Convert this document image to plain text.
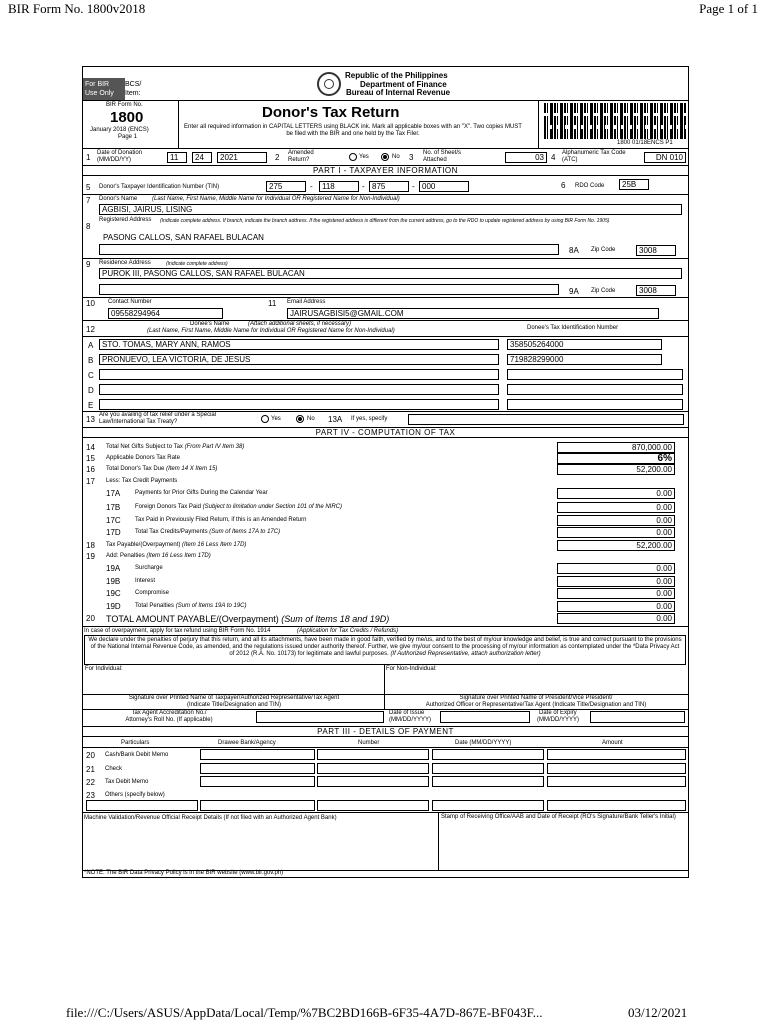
BIR Form No. 1800v2018	Page 1 of 1
file:///C:/Users/ASUS/AppData/Local/Temp/%7BC2BD166B-6F35-4A7D-867E-BF043F...	03/12/2021
For BIR
Use Only
BCS/
Item:
Republic of the Philippines
Department of Finance
Bureau of Internal Revenue
BIR Form No.
1800
January 2018 (ENCS)
Page 1
Donor's Tax Return
Enter all required information in CAPITAL LETTERS using BLACK ink. Mark all applicable boxes with an "X". Two copies MUST be filed with the BIR and one held by the Tax Filer.
1800 01/18ENCS P1
1 Date of Donation (MM/DD/YY)	11	24	2021	2 Amended Return?	Yes	No 3 No. of Sheet/s Attached	03 4 Alphanumeric Tax Code (ATC)	DN 010
PART I - TAXPAYER INFORMATION
5 Donor's Taxpayer Identification Number (TIN)	275	-	118	- 875	- 000	6 RDO Code	25B
7 Donor's Name (Last Name, First Name, Middle Name for Individual OR Registered Name for Non-Individual)
AGBISI, JAIRUS, LISING
8
Registered Address (Indicate complete address. If branch, indicate the branch address. If the registered address is different from the current address, go to the RDO to update registered address by using BIR Form No. 1905)
PASONG CALLOS, SAN RAFAEL BULACAN
8A Zip Code	3008
9 Residence Address	(Indicate complete address)
PUROK III, PASONG CALLOS, SAN RAFAEL BULACAN
9A Zip Code	3008
10 Contact Number
09558294964
11 Email Address
JAIRUSAGBISI5@GMAIL.COM
12
Donee's Name	(Attach additional sheets, if necessary)
(Last Name, First Name, Middle Name for Individual OR Registered Name for Non-Individual)	Donee's Tax Identification Number
A	STO. TOMAS, MARY ANN, RAMOS	358505264000
B	PRONUEVO, LEA VICTORIA, DE JESUS	719828299000
C
D
E
13 Are you availing of tax relief under a Special Law/International Tax Treaty?	Yes	No 13A If yes, specify
PART IV - COMPUTATION OF TAX
14 Total Net Gifts Subject to Tax (From Part IV Item 38)	870,000.00
15 Applicable Donors Tax Rate	6%
16 Total Donor's Tax Due (Item 14 X Item 15)	52,200.00
17 Less: Tax Credit Payments
17A Payments for Prior Gifts During the Calendar Year	0.00
17B Foreign Donors Tax Paid (Subject to limitation under Section 101 of the NIRC)	0.00
17C Tax Paid in Previously Filed Return, if this is an Amended Return	0.00
17D Total Tax Credits/Payments (Sum of Items 17A to 17C)	0.00
18 Tax Payable/(Overpayment) (Item 16 Less Item 17D)	52,200.00
19 Add: Penalties (Item 16 Less Item 17D)
19A Surcharge	0.00
19B Interest	0.00
19C Compromise	0.00
19D Total Penalties (Sum of Items 19A to 19C)	0.00
20 TOTAL AMOUNT PAYABLE/(Overpayment) (Sum of Items 18 and 19D)	0.00
In case of overpayment, apply for tax refund using BIR Form No. 1914	(Application for Tax Credits / Refunds)
We declare under the penalties of perjury that this return, and all its attachments, have been made in good faith, verified by me/us, and to the best of my/our knowledge and belief, is true and correct pursuant to the provisions of the National Internal Revenue Code, as amended, and the regulations issued under authority thereof. Further, we give my/our consent to the processing of my/our information as contemplated under the *Data Privacy Act of 2012 (R.A. No. 10173) for legitimate and lawful purposes. (If Authorized Representative, attach authorization letter)
For Individual:	For Non-Individual:
Signature over Printed Name of Taxpayer/Authorized Representative/Tax Agent
(Indicate Title/Designation and TIN)
Signature over Printed Name of President/Vice President/
Authorized Officer or Representative/Tax Agent (Indicate Title/Designation and TIN)
Tax Agent Accreditation No./
Attorney's Roll No. (If applicable)
Date of Issue
(MM/DD/YYYY)
Date of Expiry
(MM/DD/YYYY)
PART III - DETAILS OF PAYMENT
Particulars	Drawee Bank/Agency	Number	Date (MM/DD/YYYY)	Amount
20 Cash/Bank Debit Memo
21 Check
22 Tax Debit Memo
23 Others (specify below)
Machine Validation/Revenue Official Receipt Details (If not filed with an Authorized Agent Bank)	Stamp of Receiving Office/AAB and Date of Receipt (RO's Signature/Bank Teller's Initial)
*NOTE: The BIR Data Privacy Policy is in the BIR website (www.bir.gov.ph)
